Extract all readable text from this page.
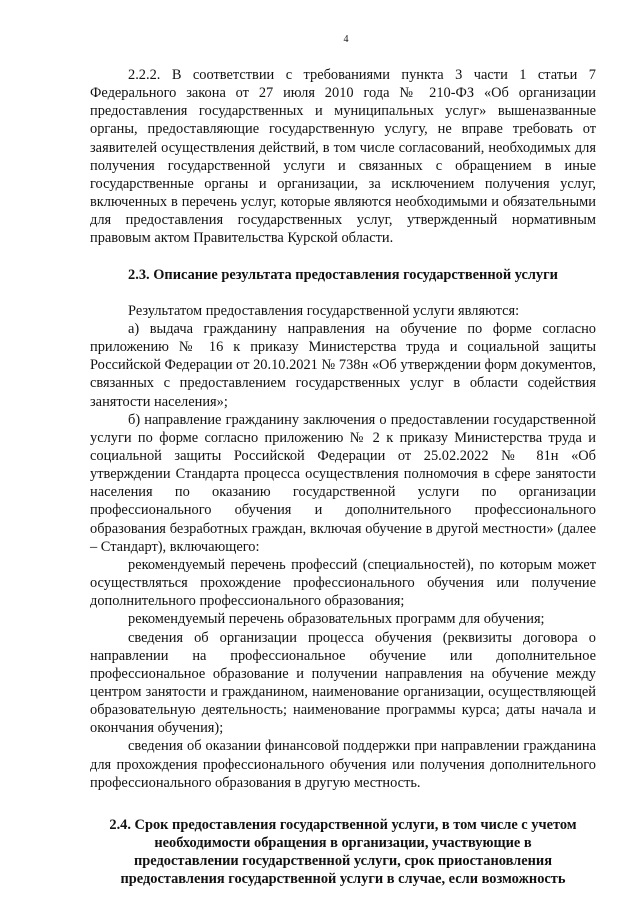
4

2.2.2. В соответствии с требованиями пункта 3 части 1 статьи 7 Федерального закона от 27 июля 2010 года № 210-ФЗ «Об организации предоставления государственных и муниципальных услуг» вышеназванные органы, предоставляющие государственную услугу, не вправе требовать от заявителей осуществления действий, в том числе согласований, необходимых для получения государственной услуги и связанных с обращением в иные государственные органы и организации, за исключением получения услуг, включенных в перечень услуг, которые являются необходимыми и обязательными для предоставления государственных услуг, утвержденный нормативным правовым актом Правительства Курской области.

2.3. Описание результата предоставления государственной услуги

Результатом предоставления государственной услуги являются:

а) выдача гражданину направления на обучение по форме согласно приложению № 16 к приказу Министерства труда и социальной защиты Российской Федерации от 20.10.2021 № 738н «Об утверждении форм документов, связанных с предоставлением государственных услуг в области содействия занятости населения»;

б) направление гражданину заключения о предоставлении государственной услуги по форме согласно приложению № 2 к приказу Министерства труда и социальной защиты Российской Федерации от 25.02.2022 № 81н «Об утверждении Стандарта процесса осуществления полномочия в сфере занятости населения по оказанию государственной услуги по организации профессионального обучения и дополнительного профессионального образования безработных граждан, включая обучение в другой местности» (далее – Стандарт), включающего:

рекомендуемый перечень профессий (специальностей), по которым может осуществляться прохождение профессионального обучения или получение дополнительного профессионального образования;

рекомендуемый перечень образовательных программ для обучения;

сведения об организации процесса обучения (реквизиты договора о направлении на профессиональное обучение или дополнительное профессиональное образование и получении направления на обучение между центром занятости и гражданином, наименование организации, осуществляющей образовательную деятельность; наименование программы курса; даты начала и окончания обучения);

сведения об оказании финансовой поддержки при направлении гражданина для прохождения профессионального обучения или получения дополнительного профессионального образования в другую местность.

2.4. Срок предоставления государственной услуги, в том числе с учетом
необходимости обращения в организации, участвующие в
предоставлении государственной услуги, срок приостановления
предоставления государственной услуги в случае, если возможность
